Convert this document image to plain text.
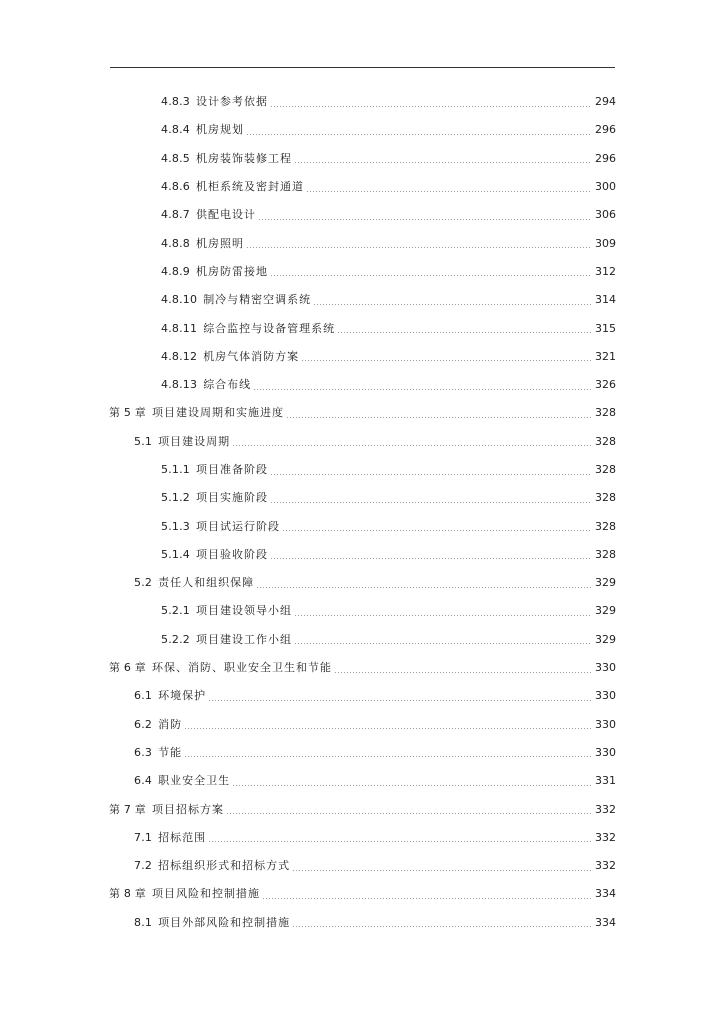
4.8.3 设计参考依据	294
4.8.4 机房规划	296
4.8.5 机房装饰装修工程	296
4.8.6 机柜系统及密封通道	300
4.8.7 供配电设计	306
4.8.8 机房照明	309
4.8.9 机房防雷接地	312
4.8.10 制冷与精密空调系统	314
4.8.11 综合监控与设备管理系统	315
4.8.12 机房气体消防方案	321
4.8.13 综合布线	326
第 5 章 项目建设周期和实施进度	328
5.1 项目建设周期	328
5.1.1 项目准备阶段	328
5.1.2 项目实施阶段	328
5.1.3 项目试运行阶段	328
5.1.4 项目验收阶段	328
5.2 责任人和组织保障	329
5.2.1 项目建设领导小组	329
5.2.2 项目建设工作小组	329
第 6 章 环保、消防、职业安全卫生和节能	330
6.1 环境保护	330
6.2 消防	330
6.3 节能	330
6.4 职业安全卫生	331
第 7 章 项目招标方案	332
7.1 招标范围	332
7.2 招标组织形式和招标方式	332
第 8 章 项目风险和控制措施	334
8.1 项目外部风险和控制措施	334
